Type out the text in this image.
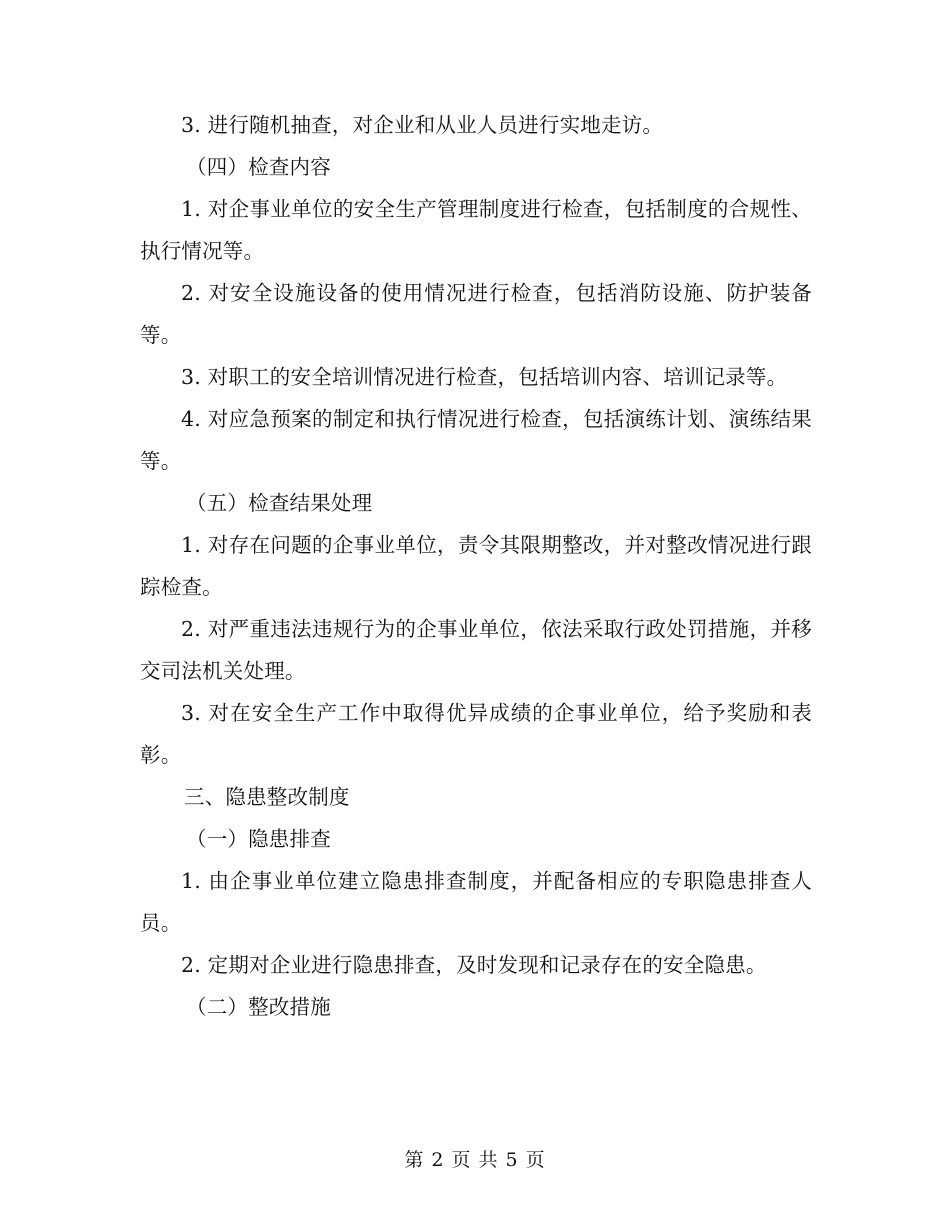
3. 进行随机抽查，对企业和从业人员进行实地走访。

（四）检查内容

1. 对企事业单位的安全生产管理制度进行检查，包括制度的合规性、执行情况等。

2. 对安全设施设备的使用情况进行检查，包括消防设施、防护装备等。

3. 对职工的安全培训情况进行检查，包括培训内容、培训记录等。

4. 对应急预案的制定和执行情况进行检查，包括演练计划、演练结果等。

（五）检查结果处理

1. 对存在问题的企事业单位，责令其限期整改，并对整改情况进行跟踪检查。

2. 对严重违法违规行为的企事业单位，依法采取行政处罚措施，并移交司法机关处理。

3. 对在安全生产工作中取得优异成绩的企事业单位，给予奖励和表彰。

三、隐患整改制度

（一）隐患排查

1. 由企事业单位建立隐患排查制度，并配备相应的专职隐患排查人员。

2. 定期对企业进行隐患排查，及时发现和记录存在的安全隐患。

（二）整改措施

第 2 页 共 5 页
